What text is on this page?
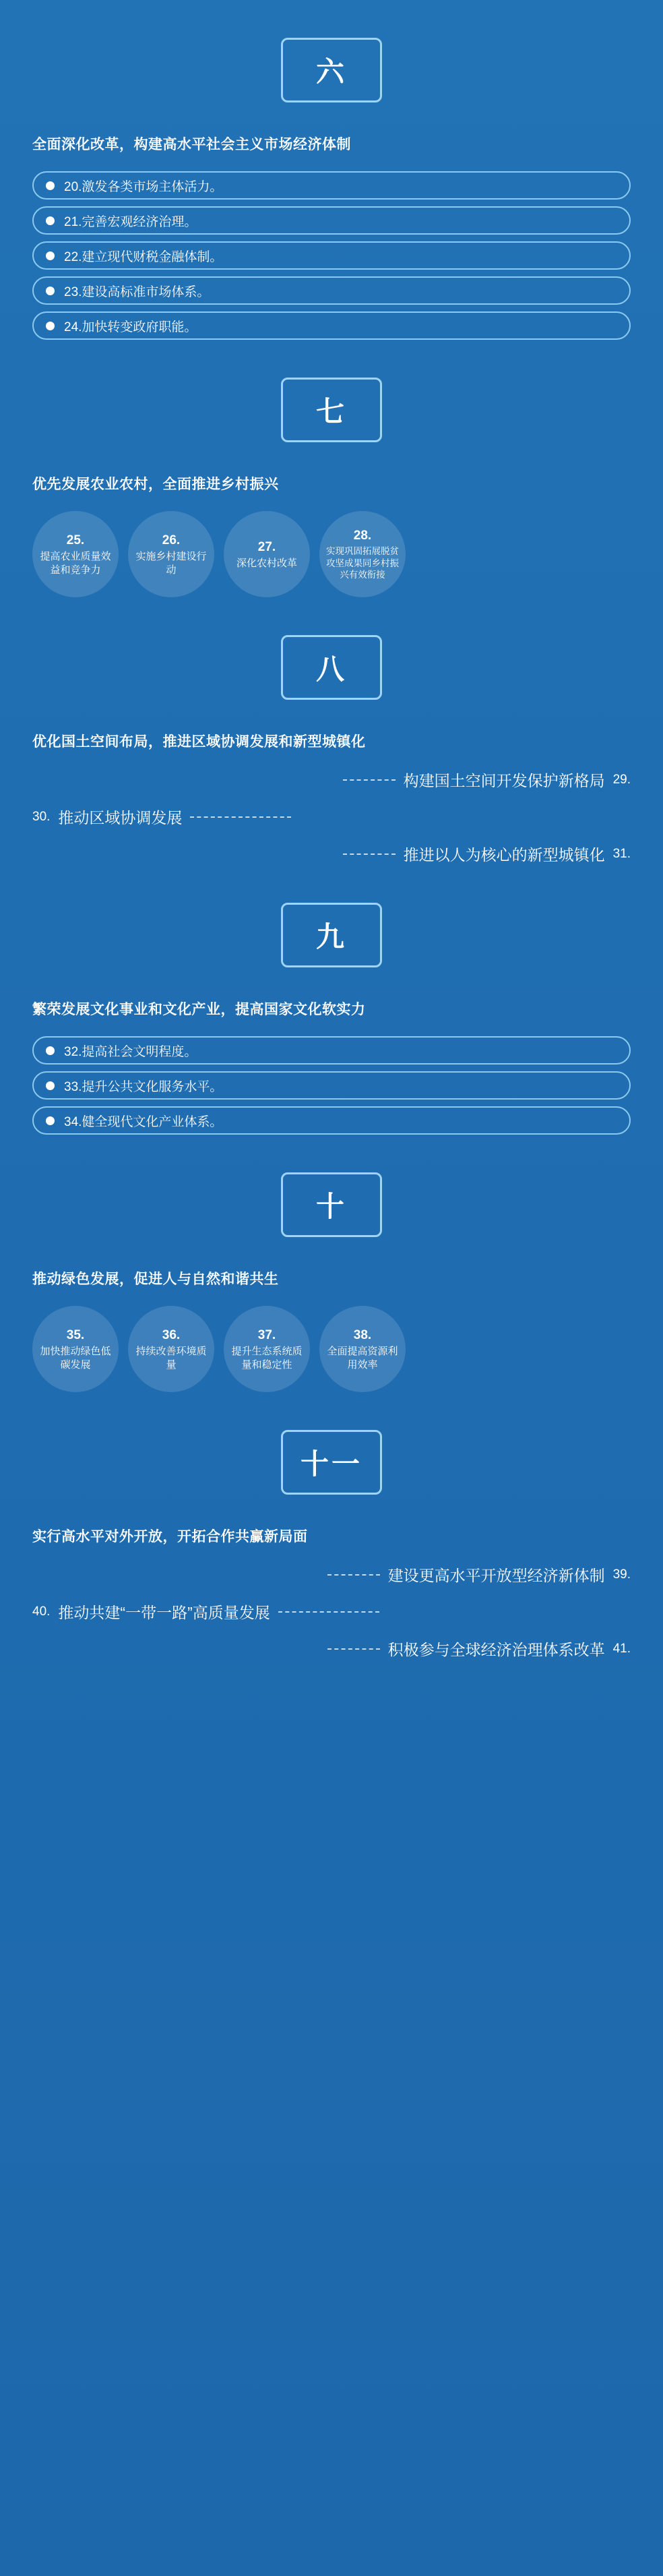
六
全面深化改革，构建高水平社会主义市场经济体制
20.激发各类市场主体活力。
21.完善宏观经济治理。
22.建立现代财税金融体制。
23.建设高标准市场体系。
24.加快转变政府职能。
七
优先发展农业农村，全面推进乡村振兴
25.
提高农业质量效益和竞争力
26.
实施乡村建设行动
27.
深化农村改革
28.
实现巩固拓展脱贫攻坚成果同乡村振兴有效衔接
八
优化国土空间布局，推进区域协调发展和新型城镇化
构建国土空间开发保护新格局 29.
30. 推动区域协调发展
推进以人为核心的新型城镇化 31.
九
繁荣发展文化事业和文化产业，提高国家文化软实力
32.提高社会文明程度。
33.提升公共文化服务水平。
34.健全现代文化产业体系。
十
推动绿色发展，促进人与自然和谐共生
35.
加快推动绿色低碳发展
36.
持续改善环境质量
37.
提升生态系统质量和稳定性
38.
全面提高资源利用效率
十一
实行高水平对外开放，开拓合作共赢新局面
建设更高水平开放型经济新体制 39.
40. 推动共建“一带一路”高质量发展
积极参与全球经济治理体系改革 41.
